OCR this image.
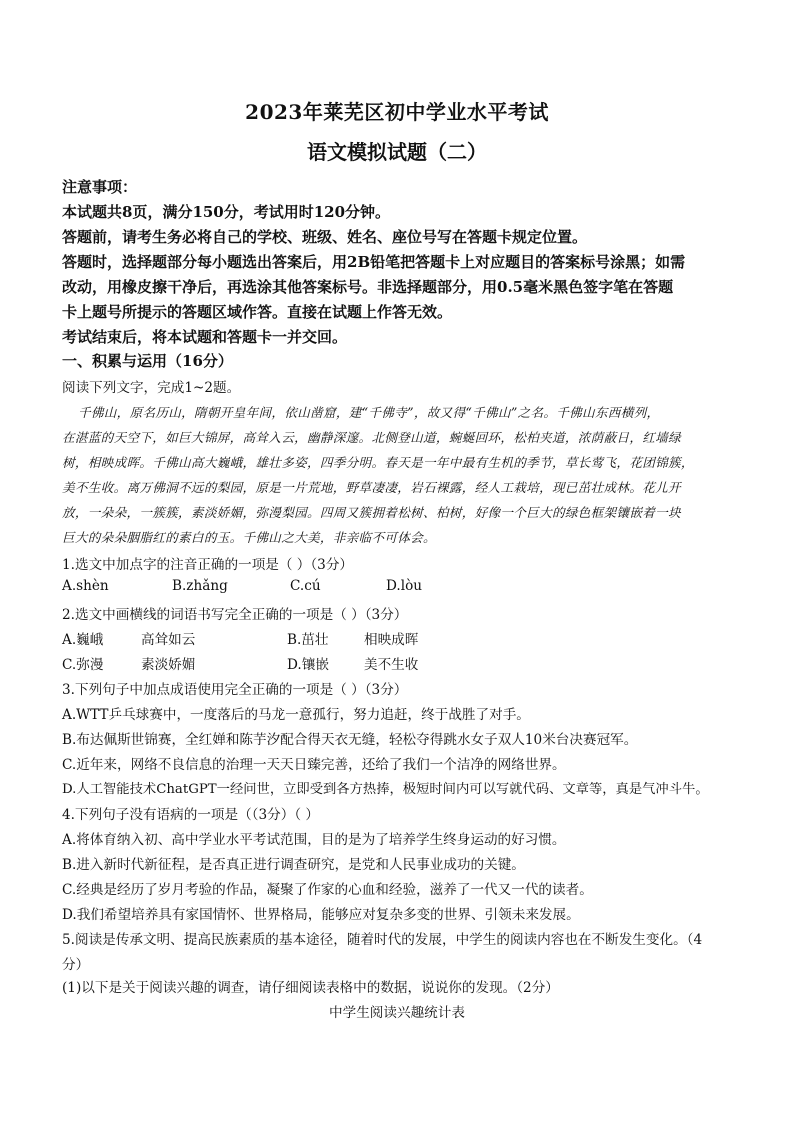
2023年莱芜区初中学业水平考试
语文模拟试题（二）
注意事项：
本试题共8页，满分150分，考试用时120分钟。
答题前，请考生务必将自己的学校、班级、姓名、座位号写在答题卡规定位置。
答题时，选择题部分每小题选出答案后，用2B铅笔把答题卡上对应题目的答案标号涂黑；如需
改动，用橡皮擦干净后，再选涂其他答案标号。非选择题部分，用0.5毫米黑色签字笔在答题
卡上题号所提示的答题区域作答。直接在试题上作答无效。
考试结束后，将本试题和答题卡一并交回。
一、积累与运用（16分）
阅读下列文字，完成1~2题。
千佛山，原名历山，隋朝开皇年间，依山凿窟，建“千佛寺”，故又得“千佛山”之名。千佛山东西横列，
在湛蓝的天空下，如巨大锦屏，高耸入云，幽静深邃。北侧登山道，蜿蜒回环，松柏夹道，浓荫蔽日，红墙绿
树，相映成晖。千佛山高大巍峨，雄壮多姿，四季分明。春天是一年中最有生机的季节，草长莺飞，花团锦簇，
美不生收。离万佛洞不远的梨园，原是一片荒地，野草凄凄，岩石裸露，经人工栽培，现已茁壮成林。花儿开
放，一朵朵，一簇簇，素淡娇媚，弥漫梨园。四周又簇拥着松树、柏树，好像一个巨大的绿色框架镶嵌着一块
巨大的朵朵胭脂红的素白的玉。千佛山之大美，非亲临不可体会。
1.选文中加点字的注音正确的一项是（ ）（3分）
A.shèn	B.zhǎng	C.cú	D.lòu
2.选文中画横线的词语书写完全正确的一项是（ ）（3分）
A.巍峨	高耸如云	B.茁壮	相映成晖
C.弥漫	素淡娇媚	D.镶嵌	美不生收
3.下列句子中加点成语使用完全正确的一项是（ ）（3分）
A.WTT乒乓球赛中，一度落后的马龙一意孤行，努力追赶，终于战胜了对手。
B.布达佩斯世锦赛，全红婵和陈芋汐配合得天衣无缝，轻松夺得跳水女子双人10米台决赛冠军。
C.近年来，网络不良信息的治理一天天日臻完善，还给了我们一个洁净的网络世界。
D.人工智能技术ChatGPT一经问世，立即受到各方热捧，极短时间内可以写就代码、文章等，真是气冲斗牛。
4.下列句子没有语病的一项是（（3分）（ ）
A.将体育纳入初、高中学业水平考试范围，目的是为了培养学生终身运动的好习惯。
B.进入新时代新征程，是否真正进行调查研究，是党和人民事业成功的关键。
C.经典是经历了岁月考验的作品，凝聚了作家的心血和经验，滋养了一代又一代的读者。
D.我们希望培养具有家国情怀、世界格局，能够应对复杂多变的世界、引领未来发展。
5.阅读是传承文明、提高民族素质的基本途径，随着时代的发展，中学生的阅读内容也在不断发生变化。（4
分）
(1)以下是关于阅读兴趣的调查，请仔细阅读表格中的数据，说说你的发现。（2分）
中学生阅读兴趣统计表
